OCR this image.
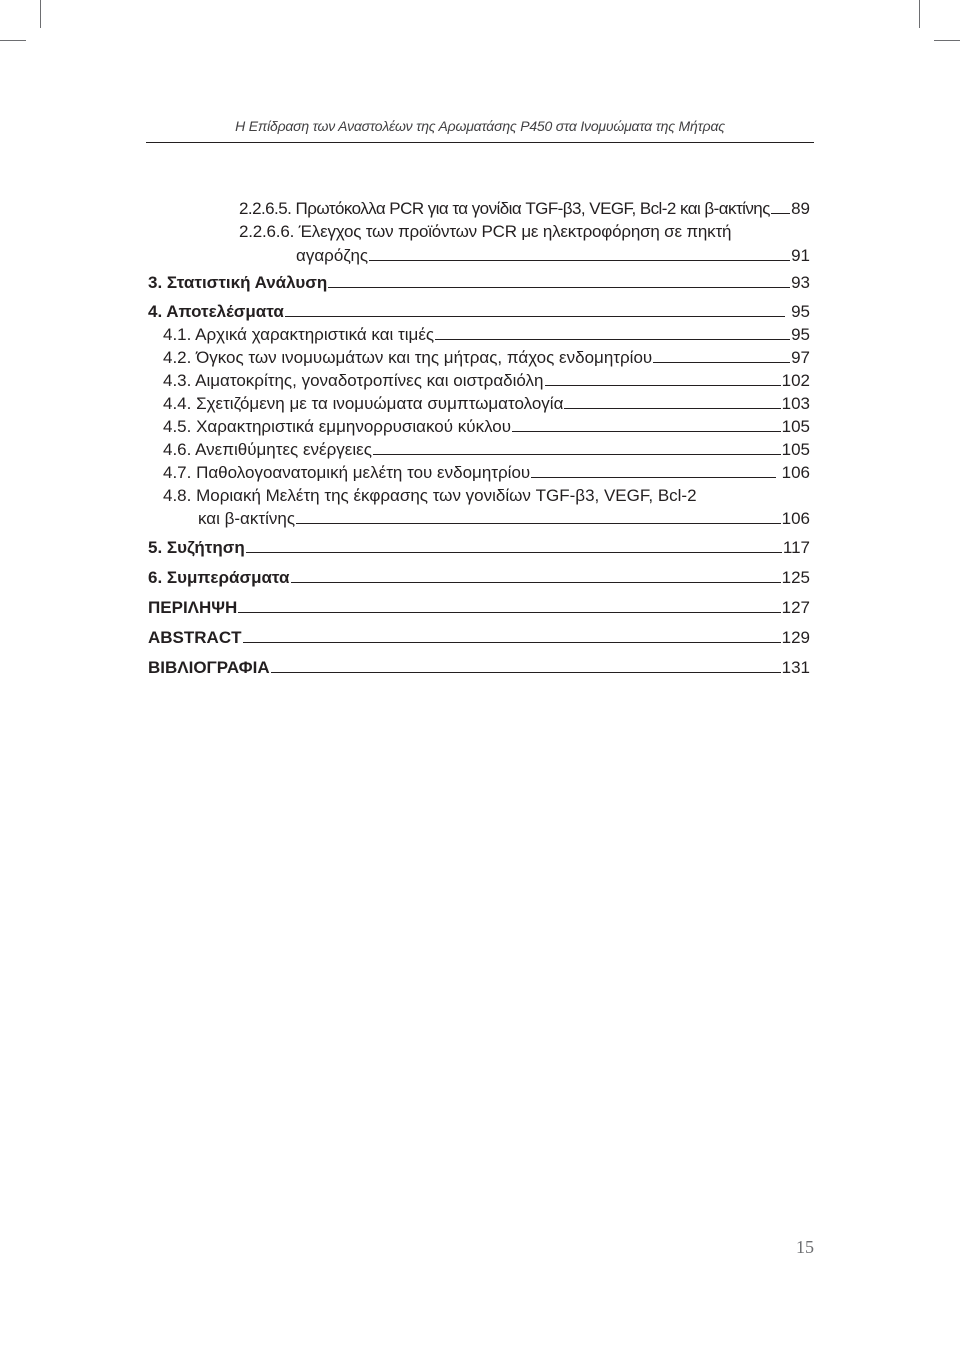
Η Επίδραση των Αναστολέων της Αρωματάσης P450 στα Ινομυώματα της Μήτρας
2.2.6.5. Πρωτόκολλα PCR για τα γονίδια TGF-β3, VEGF, Bcl-2 και β-ακτίνης 89
2.2.6.6. Έλεγχος των προϊόντων PCR με ηλεκτροφόρηση σε πηκτή
αγαρόζης	91
3. Στατιστική Ανάλυση	93
4. Αποτελέσματα	95
4.1. Αρχικά χαρακτηριστικά και τιμές	95
4.2. Όγκος των ινομυωμάτων και της μήτρας, πάχος ενδομητρίου	97
4.3. Αιματοκρίτης, γοναδοτροπίνες και οιστραδιόλη	102
4.4. Σχετιζόμενη με τα ινομυώματα συμπτωματολογία	103
4.5. Χαρακτηριστικά εμμηνορρυσιακού κύκλου	105
4.6. Ανεπιθύμητες ενέργειες	105
4.7. Παθολογοανατομική μελέτη του ενδομητρίου	106
4.8. Μοριακή Μελέτη της έκφρασης των γονιδίων TGF-β3, VEGF, Bcl-2
και β-ακτίνης	106
5. Συζήτηση	117
6. Συμπεράσματα	125
ΠΕΡΙΛΗΨΗ	127
ABSTRACT	129
ΒΙΒΛΙΟΓΡΑΦΙΑ	131
15
